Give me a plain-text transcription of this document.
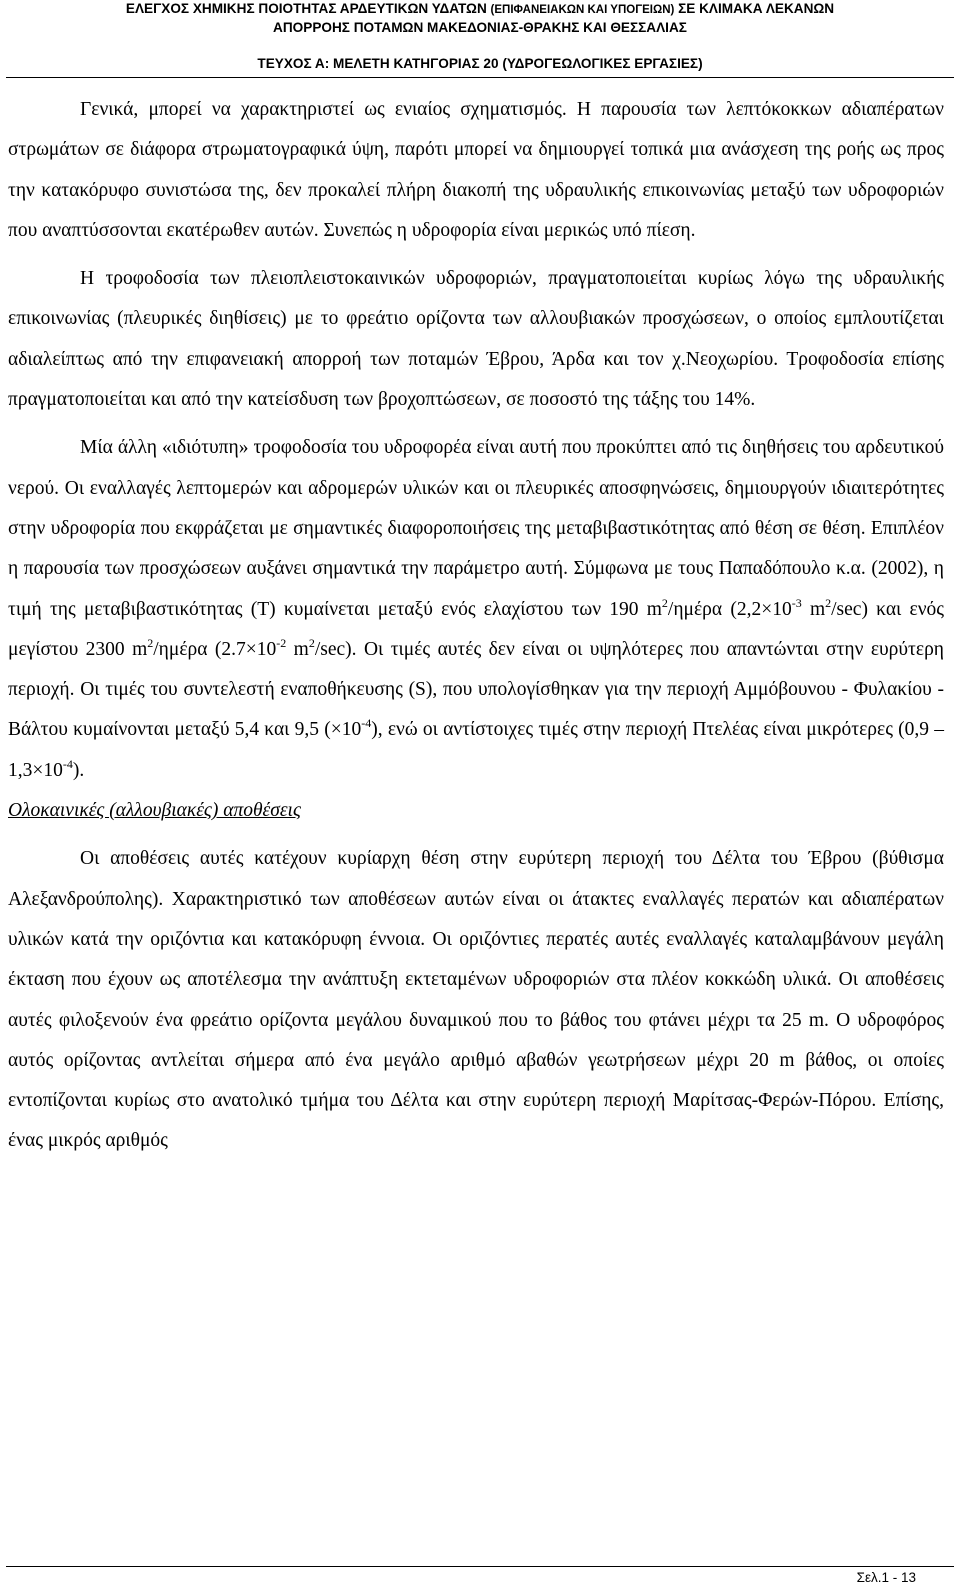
ΕΛΕΓΧΟΣ ΧΗΜΙΚΗΣ ΠΟΙΟΤΗΤΑΣ ΑΡΔΕΥΤΙΚΩΝ ΥΔΑΤΩΝ (ΕΠΙΦΑΝΕΙΑΚΩΝ ΚΑΙ ΥΠΟΓΕΙΩΝ) ΣΕ ΚΛΙΜΑΚΑ ΛΕΚΑΝΩΝ
ΑΠΟΡΡΟΗΣ ΠΟΤΑΜΩΝ ΜΑΚΕΔΟΝΙΑΣ-ΘΡΑΚΗΣ ΚΑΙ ΘΕΣΣΑΛΙΑΣ
ΤΕΥΧΟΣ Α: ΜΕΛΕΤΗ ΚΑΤΗΓΟΡΙΑΣ 20 (ΥΔΡΟΓΕΩΛΟΓΙΚΕΣ ΕΡΓΑΣΙΕΣ)

Γενικά, μπορεί να χαρακτηριστεί ως ενιαίος σχηματισμός. Η παρουσία των λεπτόκοκκων αδιαπέρατων στρωμάτων σε διάφορα στρωματογραφικά ύψη, παρότι μπορεί να δημιουργεί τοπικά μια ανάσχεση της ροής ως προς την κατακόρυφο συνιστώσα της, δεν προκαλεί πλήρη διακοπή της υδραυλικής επικοινωνίας μεταξύ των υδροφοριών που αναπτύσσονται εκατέρωθεν αυτών. Συνεπώς η υδροφορία είναι μερικώς υπό πίεση.

Η τροφοδοσία των πλειοπλειστοκαινικών υδροφοριών, πραγματοποιείται κυρίως λόγω της υδραυλικής επικοινωνίας (πλευρικές διηθίσεις) με το φρεάτιο ορίζοντα των αλλουβιακών προσχώσεων, ο οποίος εμπλουτίζεται αδιαλείπτως από την επιφανειακή απορροή των ποταμών Έβρου, Άρδα και τον χ.Νεοχωρίου. Τροφοδοσία επίσης πραγματοποιείται και από την κατείσδυση των βροχοπτώσεων, σε ποσοστό της τάξης του 14%.

Μία άλλη «ιδιότυπη» τροφοδοσία του υδροφορέα είναι αυτή που προκύπτει από τις διηθήσεις του αρδευτικού νερού. Οι εναλλαγές λεπτομερών και αδρομερών υλικών και οι πλευρικές αποσφηνώσεις, δημιουργούν ιδιαιτερότητες στην υδροφορία που εκφράζεται με σημαντικές διαφοροποιήσεις της μεταβιβαστικότητας από θέση σε θέση. Επιπλέον η παρουσία των προσχώσεων αυξάνει σημαντικά την παράμετρο αυτή. Σύμφωνα με τους Παπαδόπουλο κ.α. (2002), η τιμή της μεταβιβαστικότητας (Τ) κυμαίνεται μεταξύ ενός ελαχίστου των 190 $m^2$/ημέρα ($2,2\times 10^{-3}$ $m^2/\sec$) και ενός μεγίστου 2300 $m^2$/ημέρα ($2.7\times 10^{-2}$ $m^2/\sec$). Οι τιμές αυτές δεν είναι οι υψηλότερες που απαντώνται στην ευρύτερη περιοχή. Οι τιμές του συντελεστή εναποθήκευσης (S), που υπολογίσθηκαν για την περιοχή Αμμόβουνου - Φυλακίου - Βάλτου κυμαίνονται μεταξύ 5,4 και 9,5 $(\times 10^{-4})$, ενώ οι αντίστοιχες τιμές στην περιοχή Πτελέας είναι μικρότερες $(0,9 - 1,3\times 10^{-4})$.

Ολοκαινικές (αλλουβιακές) αποθέσεις

Οι αποθέσεις αυτές κατέχουν κυρίαρχη θέση στην ευρύτερη περιοχή του Δέλτα του Έβρου (βύθισμα Αλεξανδρούπολης). Χαρακτηριστικό των αποθέσεων αυτών είναι οι άτακτες εναλλαγές περατών και αδιαπέρατων υλικών κατά την οριζόντια και κατακόρυφη έννοια. Οι οριζόντιες περατές αυτές εναλλαγές καταλαμβάνουν μεγάλη έκταση που έχουν ως αποτέλεσμα την ανάπτυξη εκτεταμένων υδροφοριών στα πλέον κοκκώδη υλικά. Οι αποθέσεις αυτές φιλοξενούν ένα φρεάτιο ορίζοντα μεγάλου δυναμικού που το βάθος του φτάνει μέχρι τα 25 m. Ο υδροφόρος αυτός ορίζοντας αντλείται σήμερα από ένα μεγάλο αριθμό αβαθών γεωτρήσεων μέχρι 20 m βάθος, οι οποίες εντοπίζονται κυρίως στο ανατολικό τμήμα του Δέλτα και στην ευρύτερη περιοχή Μαρίτσας-Φερών-Πόρου. Επίσης, ένας μικρός αριθμός

Σελ.1 - 13
